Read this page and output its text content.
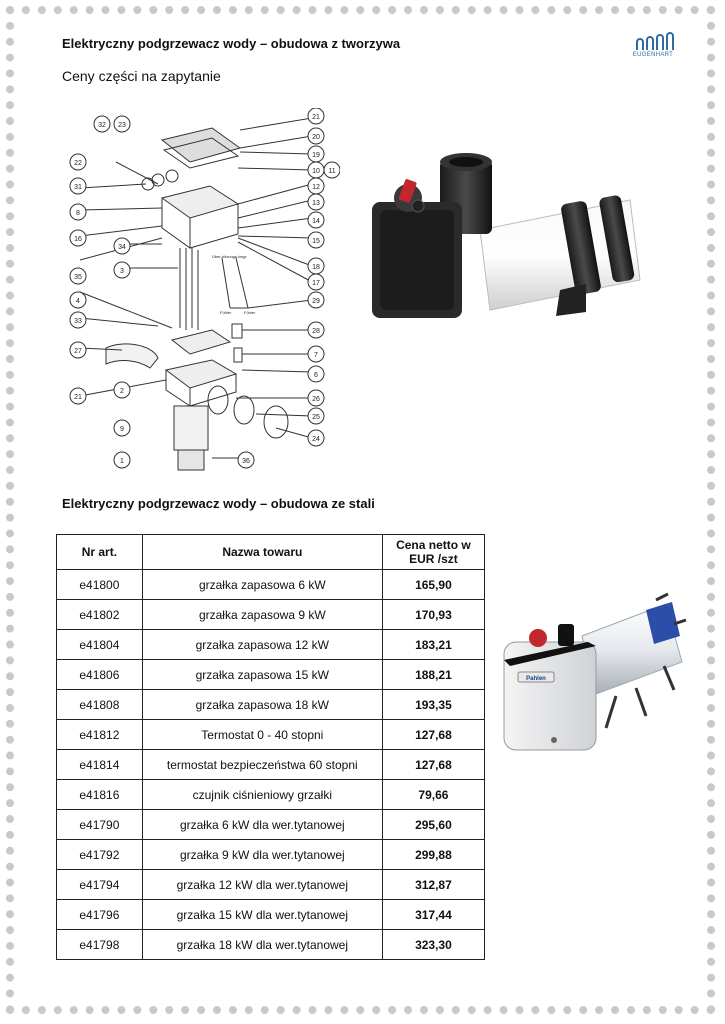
EUGENHART
Elektryczny podgrzewacz wody – obudowa z tworzywa
Ceny części na zapytanie
32 23
22
31
8
16
34
3
35
4
33
27
2
21
9
1
21
20
19
10 11
12
13
14
15
18
17
29
28
7
6
26
25
24
36
Über-hitzungs-begr.
Fühler	Fühler
Elektryczny podgrzewacz wody – obudowa ze stali
Nr art.	Nazwa towaru	Cena netto w EUR /szt
e41800	grzałka zapasowa 6 kW	165,90
e41802	grzałka zapasowa 9 kW	170,93
e41804	grzałka zapasowa 12 kW	183,21
e41806	grzałka zapasowa 15 kW	188,21
e41808	grzałka zapasowa 18 kW	193,35
e41812	Termostat 0 - 40 stopni	127,68
e41814	termostat bezpieczeństwa 60 stopni	127,68
e41816	czujnik ciśnieniowy grzałki	79,66
e41790	grzałka 6 kW dla wer.tytanowej	295,60
e41792	grzałka 9 kW dla wer.tytanowej	299,88
e41794	grzałka 12 kW dla wer.tytanowej	312,87
e41796	grzałka 15 kW dla wer.tytanowej	317,44
e41798	grzałka 18 kW dla wer.tytanowej	323,30
Pahlen
